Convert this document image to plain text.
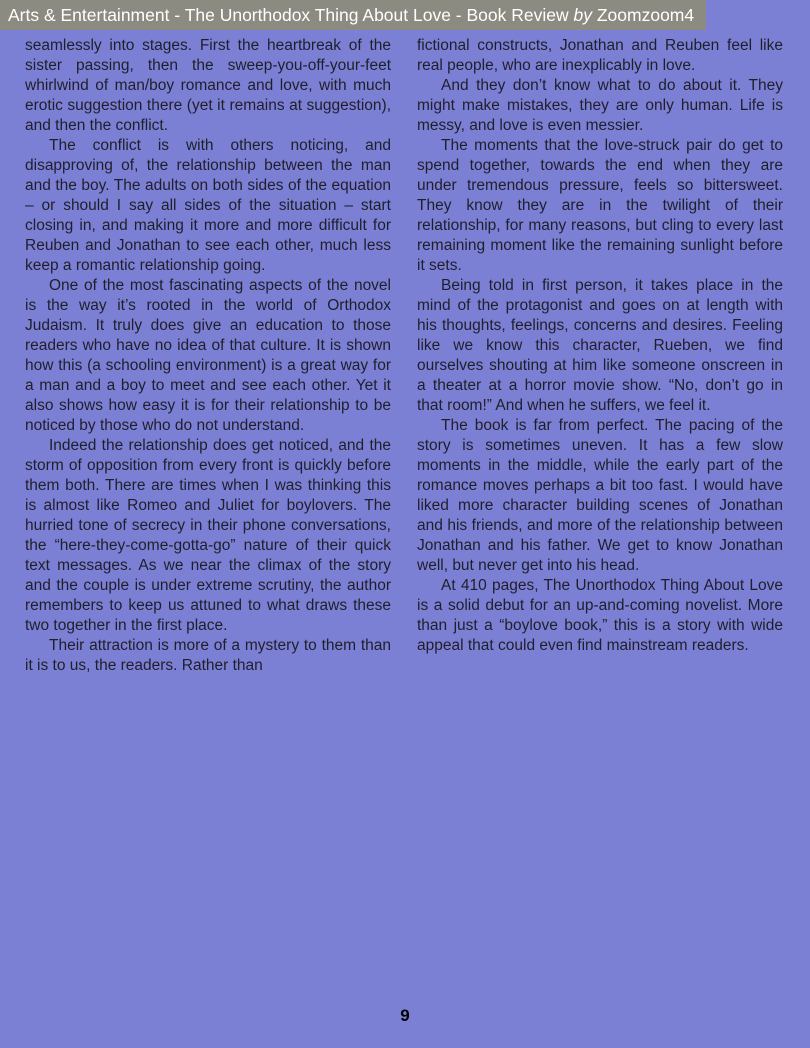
Arts & Entertainment - The Unorthodox Thing About Love - Book Review by Zoomzoom4

seamlessly into stages. First the heartbreak of the sister passing, then the sweep-you-off-your-feet whirlwind of man/boy romance and love, with much erotic suggestion there (yet it remains at suggestion), and then the conflict.

The conflict is with others noticing, and disapproving of, the relationship between the man and the boy. The adults on both sides of the equation – or should I say all sides of the situation – start closing in, and making it more and more difficult for Reuben and Jonathan to see each other, much less keep a romantic relationship going.

One of the most fascinating aspects of the novel is the way it’s rooted in the world of Orthodox Judaism. It truly does give an education to those readers who have no idea of that culture. It is shown how this (a schooling environment) is a great way for a man and a boy to meet and see each other. Yet it also shows how easy it is for their relationship to be noticed by those who do not understand.

Indeed the relationship does get noticed, and the storm of opposition from every front is quickly before them both. There are times when I was thinking this is almost like Romeo and Juliet for boylovers. The hurried tone of secrecy in their phone conversations, the “here-they-come-gotta-go” nature of their quick text messages. As we near the climax of the story and the couple is under extreme scrutiny, the author remembers to keep us attuned to what draws these two together in the first place.

Their attraction is more of a mystery to them than it is to us, the readers. Rather than

fictional constructs, Jonathan and Reuben feel like real people, who are inexplicably in love.

And they don’t know what to do about it. They might make mistakes, they are only human. Life is messy, and love is even messier.

The moments that the love-struck pair do get to spend together, towards the end when they are under tremendous pressure, feels so bittersweet. They know they are in the twilight of their relationship, for many reasons, but cling to every last remaining moment like the remaining sunlight before it sets.

Being told in first person, it takes place in the mind of the protagonist and goes on at length with his thoughts, feelings, concerns and desires. Feeling like we know this character, Rueben, we find ourselves shouting at him like someone onscreen in a theater at a horror movie show. “No, don’t go in that room!” And when he suffers, we feel it.

The book is far from perfect. The pacing of the story is sometimes uneven. It has a few slow moments in the middle, while the early part of the romance moves perhaps a bit too fast. I would have liked more character building scenes of Jonathan and his friends, and more of the relationship between Jonathan and his father. We get to know Jonathan well, but never get into his head.

At 410 pages, The Unorthodox Thing About Love is a solid debut for an up-and-coming novelist. More than just a “boylove book,” this is a story with wide appeal that could even find mainstream readers.

9
